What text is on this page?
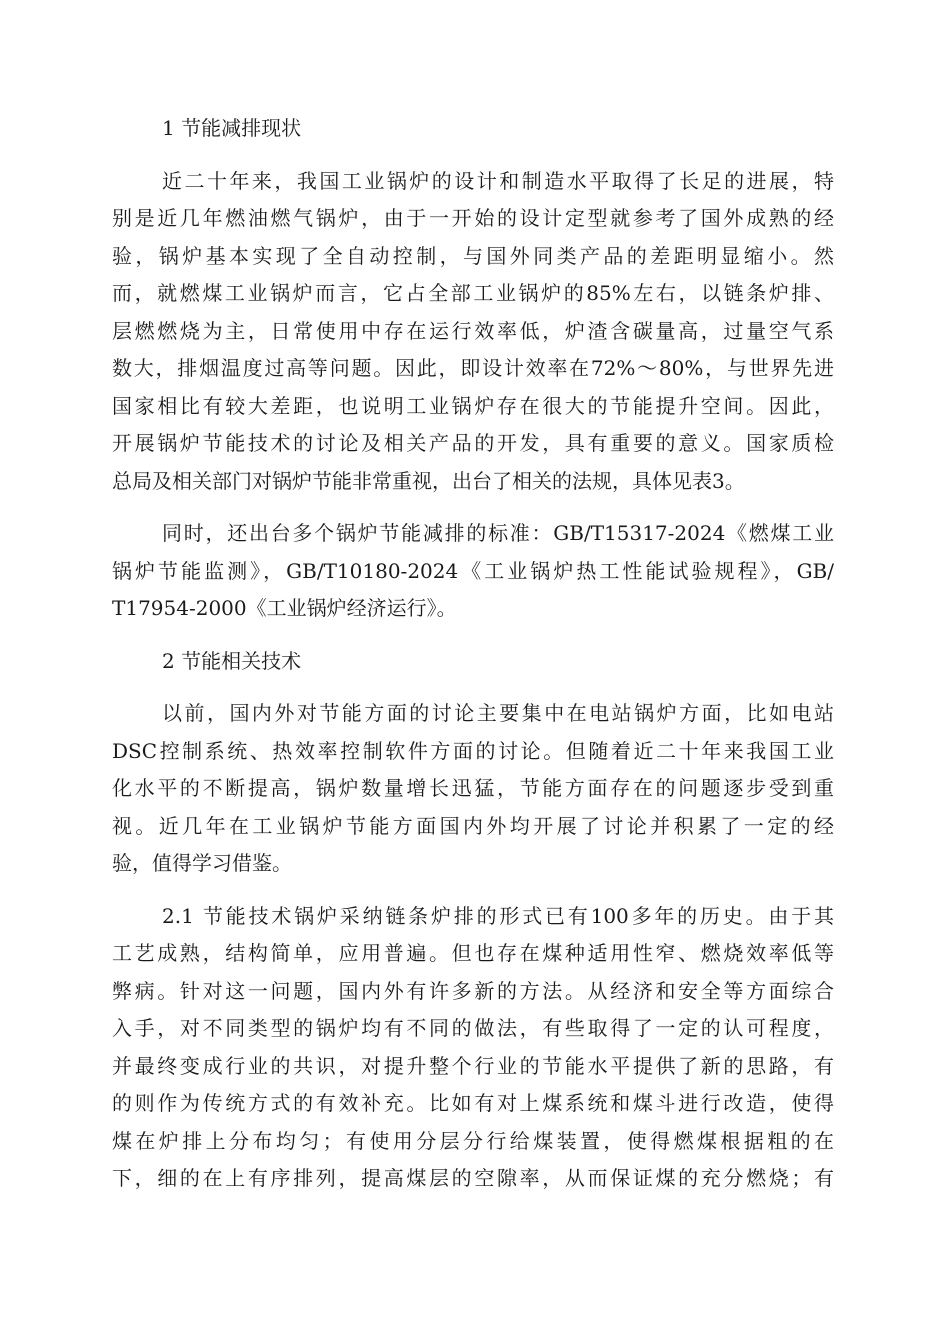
1 节能减排现状
近二十年来，我国工业锅炉的设计和制造水平取得了长足的进展，特
别是近几年燃油燃气锅炉，由于一开始的设计定型就参考了国外成熟的经
验，锅炉基本实现了全自动控制，与国外同类产品的差距明显缩小。然
而，就燃煤工业锅炉而言，它占全部工业锅炉的85%左右，以链条炉排、
层燃燃烧为主，日常使用中存在运行效率低，炉渣含碳量高，过量空气系
数大，排烟温度过高等问题。因此，即设计效率在72%～80%，与世界先进
国家相比有较大差距，也说明工业锅炉存在很大的节能提升空间。因此，
开展锅炉节能技术的讨论及相关产品的开发，具有重要的意义。国家质检
总局及相关部门对锅炉节能非常重视，出台了相关的法规，具体见表3。
同时，还出台多个锅炉节能减排的标准：GB/T15317-2024《燃煤工业
锅炉节能监测》，GB/T10180-2024《工业锅炉热工性能试验规程》，GB/
T17954-2000《工业锅炉经济运行》。
2 节能相关技术
以前，国内外对节能方面的讨论主要集中在电站锅炉方面，比如电站
DSC控制系统、热效率控制软件方面的讨论。但随着近二十年来我国工业
化水平的不断提高，锅炉数量增长迅猛，节能方面存在的问题逐步受到重
视。近几年在工业锅炉节能方面国内外均开展了讨论并积累了一定的经
验，值得学习借鉴。
2.1 节能技术锅炉采纳链条炉排的形式已有100多年的历史。由于其
工艺成熟，结构简单，应用普遍。但也存在煤种适用性窄、燃烧效率低等
弊病。针对这一问题，国内外有许多新的方法。从经济和安全等方面综合
入手，对不同类型的锅炉均有不同的做法，有些取得了一定的认可程度，
并最终变成行业的共识，对提升整个行业的节能水平提供了新的思路，有
的则作为传统方式的有效补充。比如有对上煤系统和煤斗进行改造，使得
煤在炉排上分布均匀；有使用分层分行给煤装置，使得燃煤根据粗的在
下，细的在上有序排列，提高煤层的空隙率，从而保证煤的充分燃烧；有
